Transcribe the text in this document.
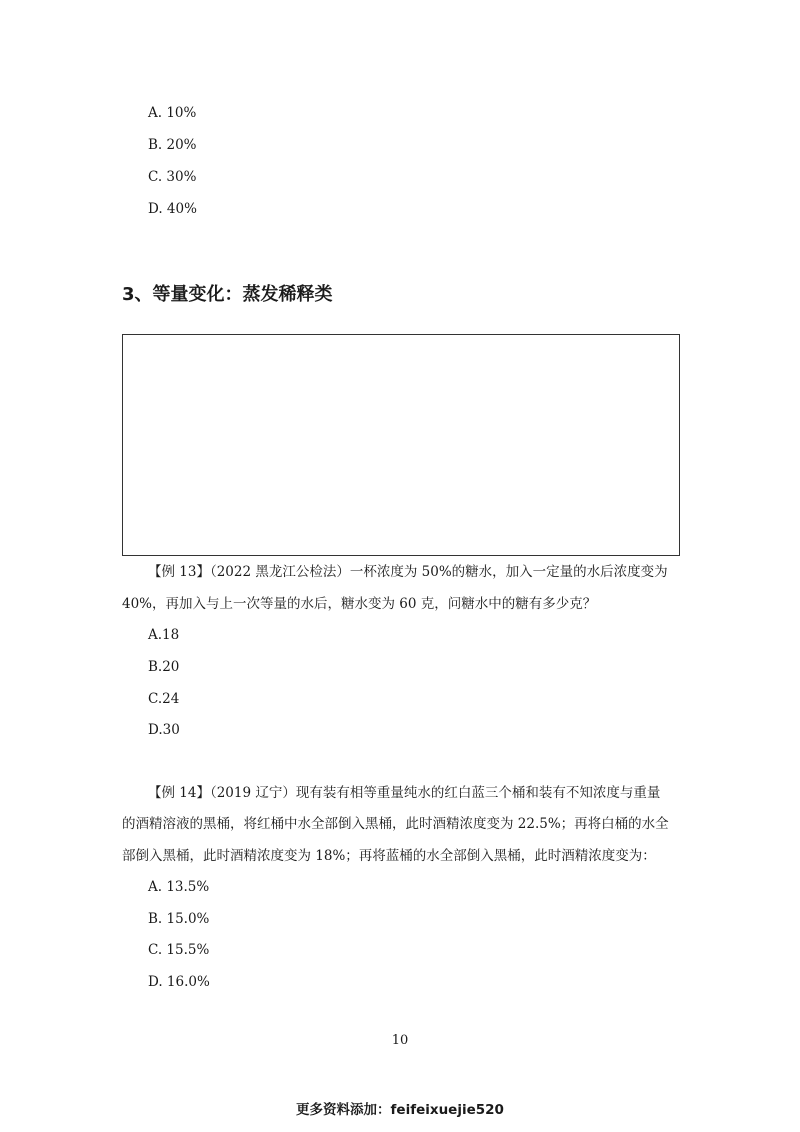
A. 10%
B. 20%
C. 30%
D. 40%
3、等量变化：蒸发稀释类
【例 13】（2022 黑龙江公检法）一杯浓度为 50%的糖水，加入一定量的水后浓度变为
40%，再加入与上一次等量的水后，糖水变为 60 克，问糖水中的糖有多少克？
A.18
B.20
C.24
D.30
【例 14】（2019 辽宁）现有装有相等重量纯水的红白蓝三个桶和装有不知浓度与重量
的酒精溶液的黑桶，将红桶中水全部倒入黑桶，此时酒精浓度变为 22.5%；再将白桶的水全
部倒入黑桶，此时酒精浓度变为 18%；再将蓝桶的水全部倒入黑桶，此时酒精浓度变为：
A. 13.5%
B. 15.0%
C. 15.5%
D. 16.0%
10
更多资料添加：feifeixuejie520
